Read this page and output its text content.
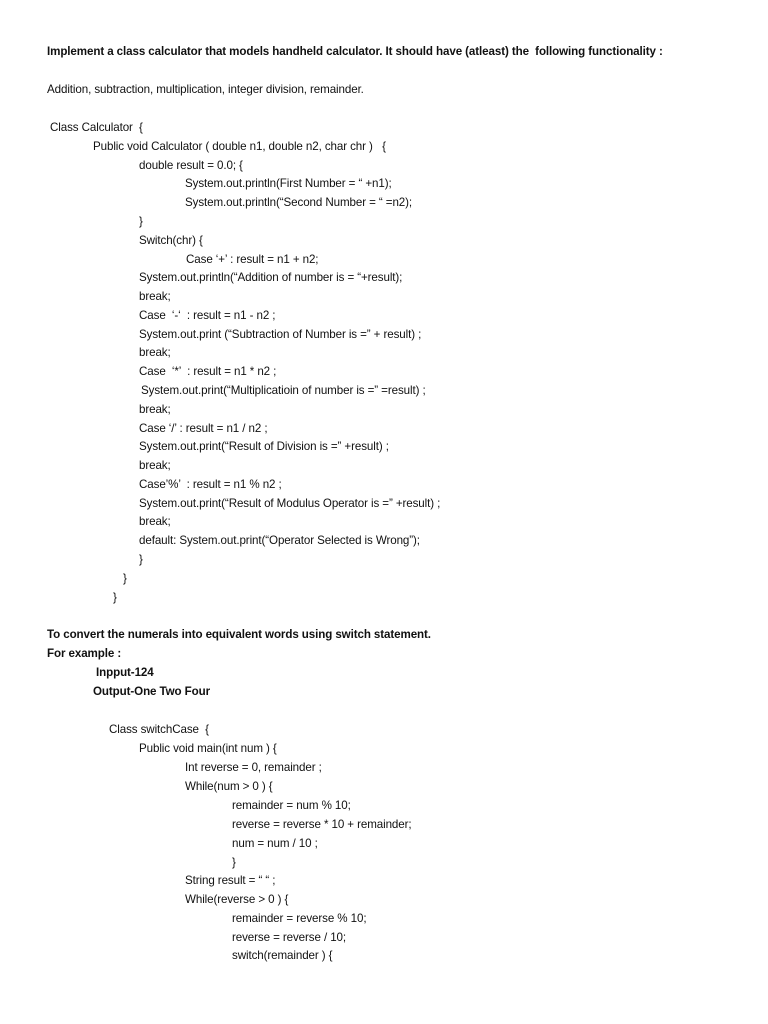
Implement a class calculator that models handheld calculator. It should have (atleast) the  following functionality :
Addition, subtraction, multiplication, integer division, remainder.
Class Calculator  {
Public void Calculator ( double n1, double n2, char chr )   {
double result = 0.0; {
System.out.println(First Number = “ +n1);
System.out.println(“Second Number = “ =n2);
}
Switch(chr) {
Case ‘+’ : result = n1 + n2;
System.out.println(“Addition of number is = “+result);
break;
Case  ‘-‘  : result = n1 - n2 ;
System.out.print (“Subtraction of Number is =” + result) ;
break;
Case  ‘*’  : result = n1 * n2 ;
System.out.print(“Multiplicatioin of number is =” =result) ;
break;
Case ‘/’ : result = n1 / n2 ;
System.out.print(“Result of Division is =” +result) ;
break;
Case’%’  : result = n1 % n2 ;
System.out.print(“Result of Modulus Operator is =” +result) ;
break;
default: System.out.print(“Operator Selected is Wrong”);
}
}
}
To convert the numerals into equivalent words using switch statement.
For example :
Inpput-124
Output-One Two Four
Class switchCase  {
Public void main(int num ) {
Int reverse = 0, remainder ;
While(num > 0 ) {
remainder = num % 10;
reverse = reverse * 10 + remainder;
num = num / 10 ;
}
String result = “ “ ;
While(reverse > 0 ) {
remainder = reverse % 10;
reverse = reverse / 10;
switch(remainder ) {
